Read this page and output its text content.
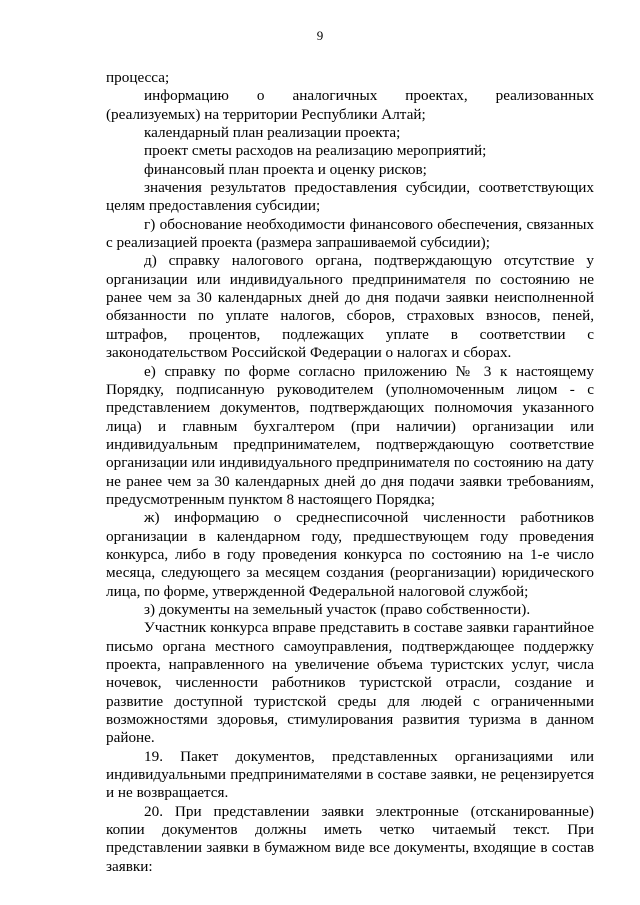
9

процесса;

информацию о аналогичных проектах, реализованных (реализуемых) на территории Республики Алтай;

календарный план реализации проекта;

проект сметы расходов на реализацию мероприятий;

финансовый план проекта и оценку рисков;

значения результатов предоставления субсидии, соответствующих целям предоставления субсидии;

г) обоснование необходимости финансового обеспечения, связанных с реализацией проекта (размера запрашиваемой субсидии);

д) справку налогового органа, подтверждающую отсутствие у организации или индивидуального предпринимателя по состоянию не ранее чем за 30 календарных дней до дня подачи заявки неисполненной обязанности по уплате налогов, сборов, страховых взносов, пеней, штрафов, процентов, подлежащих уплате в соответствии с законодательством Российской Федерации о налогах и сборах.

е) справку по форме согласно приложению № 3 к настоящему Порядку, подписанную руководителем (уполномоченным лицом - с представлением документов, подтверждающих полномочия указанного лица) и главным бухгалтером (при наличии) организации или индивидуальным предпринимателем, подтверждающую соответствие организации или индивидуального предпринимателя по состоянию на дату не ранее чем за 30 календарных дней до дня подачи заявки требованиям, предусмотренным пунктом 8 настоящего Порядка;

ж) информацию о среднесписочной численности работников организации в календарном году, предшествующем году проведения конкурса, либо в году проведения конкурса по состоянию на 1-е число месяца, следующего за месяцем создания (реорганизации) юридического лица, по форме, утвержденной Федеральной налоговой службой;

з) документы на земельный участок (право собственности).

Участник конкурса вправе представить в составе заявки гарантийное письмо органа местного самоуправления, подтверждающее поддержку проекта, направленного на увеличение объема туристских услуг, числа ночевок, численности работников туристской отрасли, создание и развитие доступной туристской среды для людей с ограниченными возможностями здоровья, стимулирования развития туризма в данном районе.

19. Пакет документов, представленных организациями или индивидуальными предпринимателями в составе заявки, не рецензируется и не возвращается.

20. При представлении заявки электронные (отсканированные) копии документов должны иметь четко читаемый текст. При представлении заявки в бумажном виде все документы, входящие в состав заявки:
